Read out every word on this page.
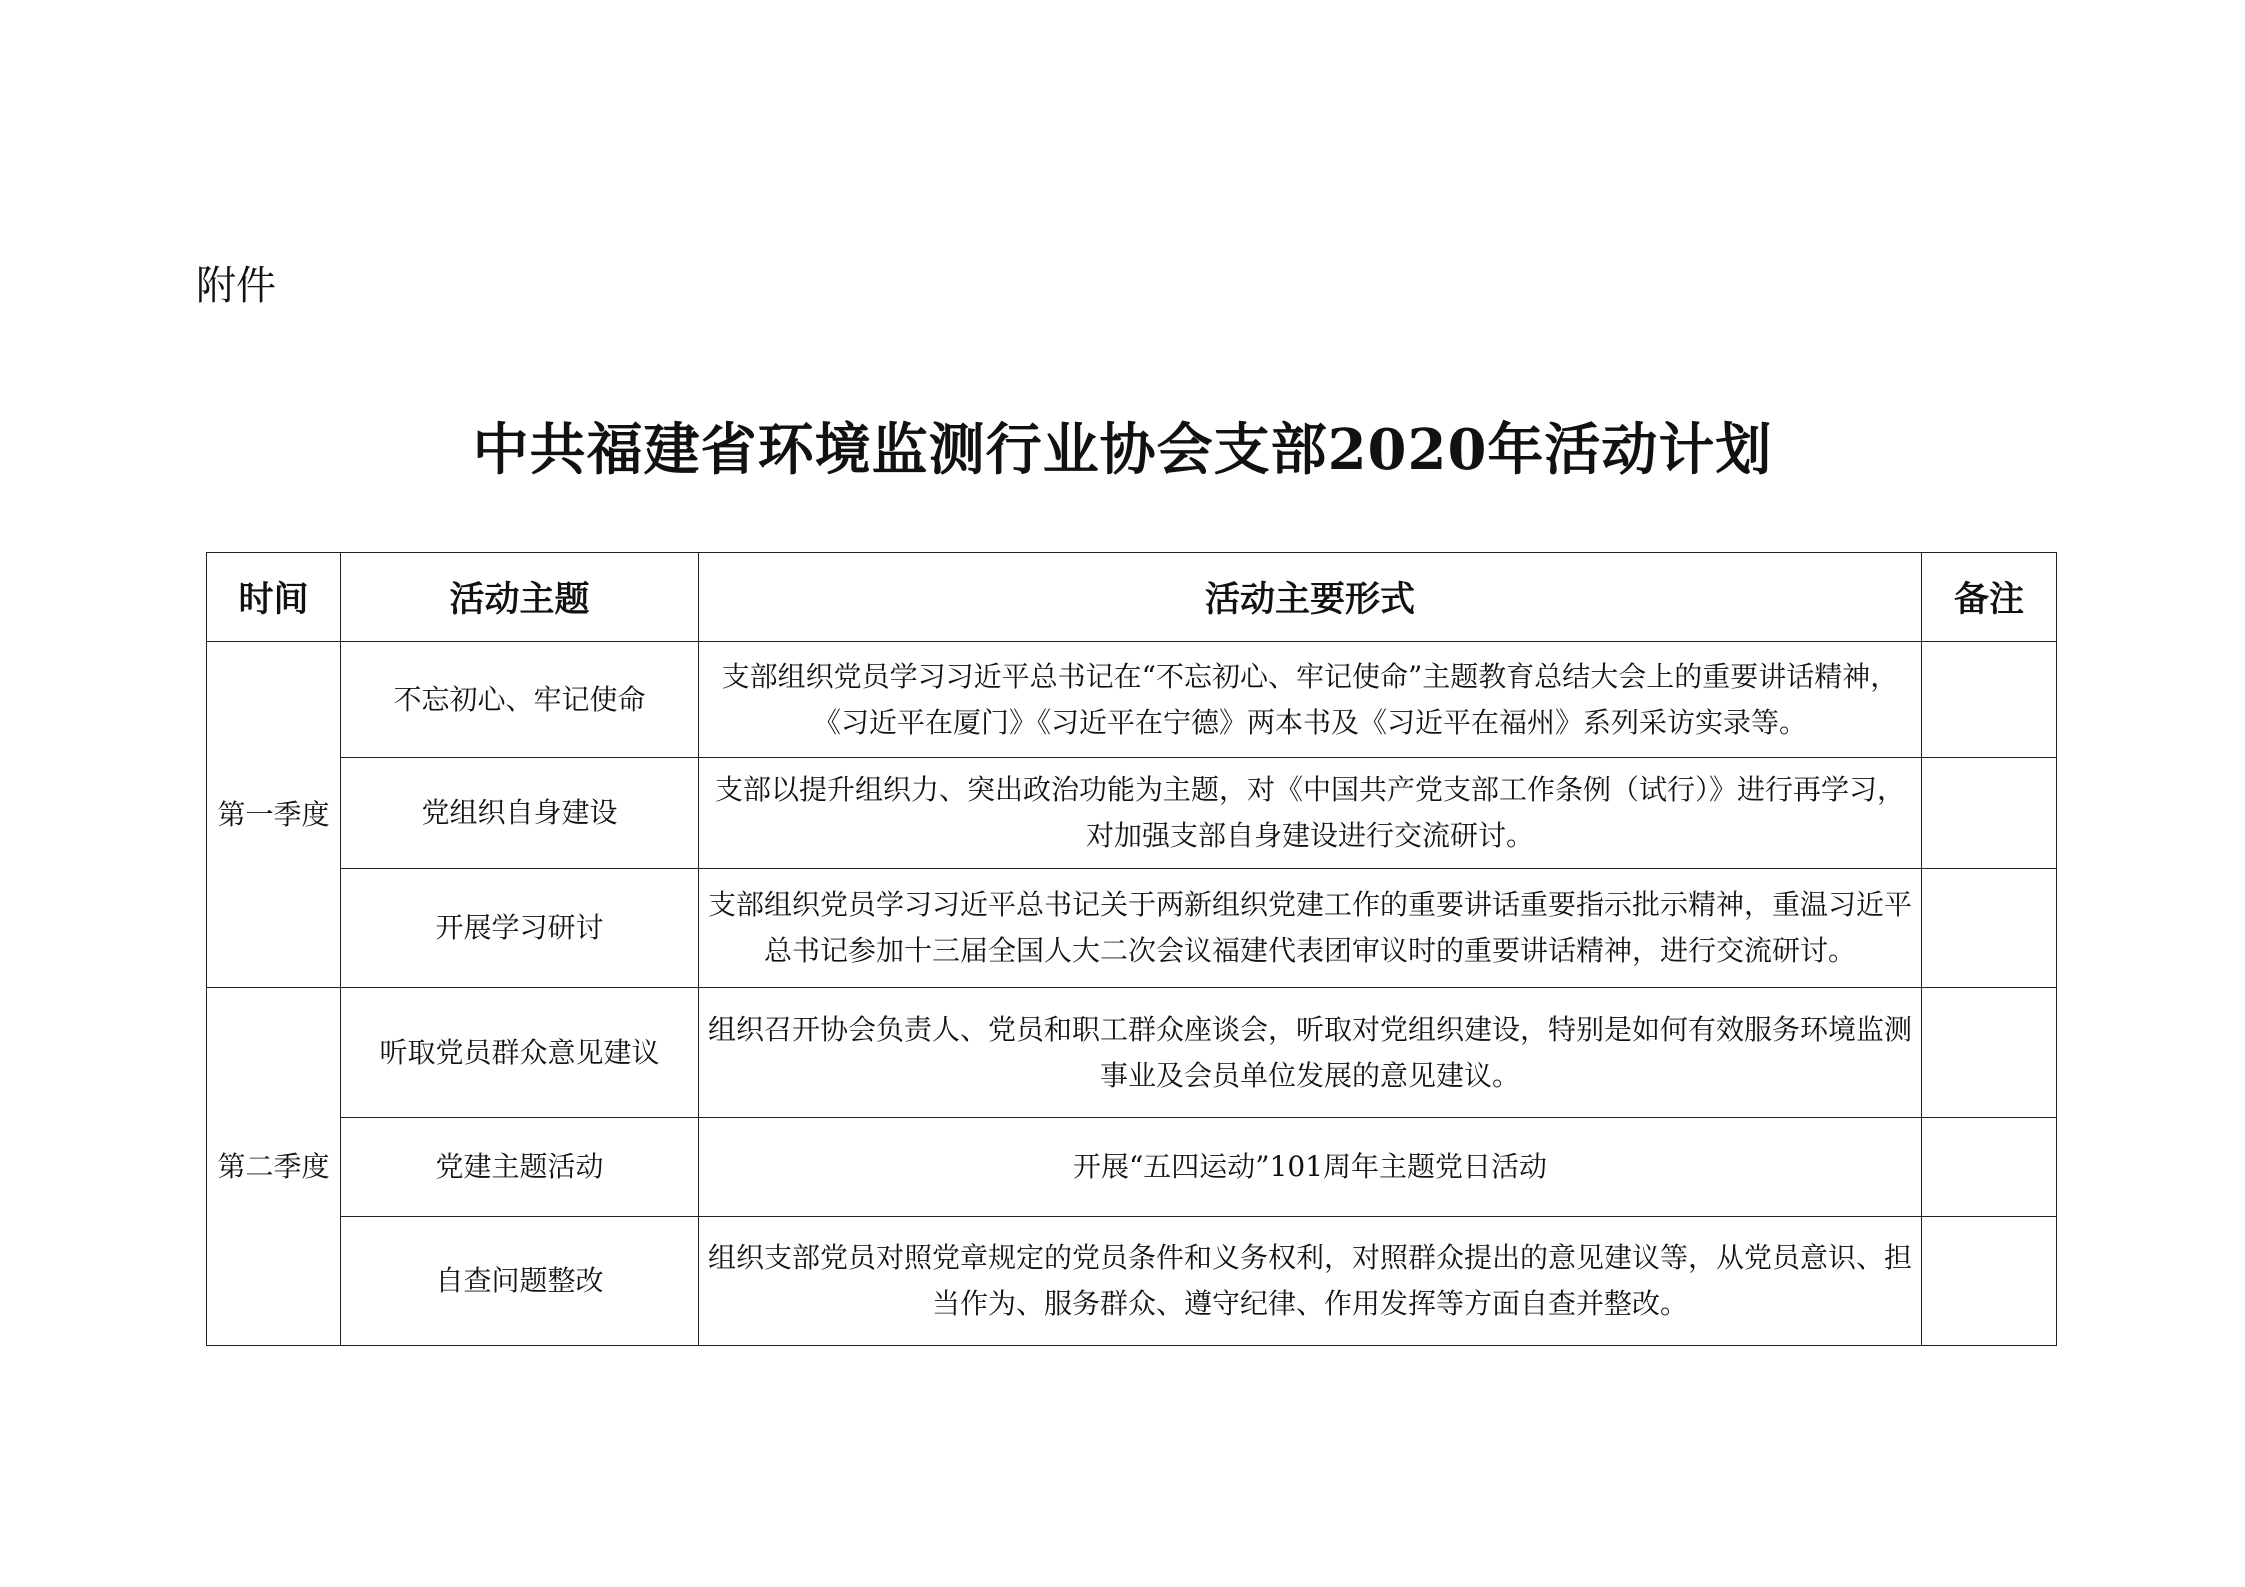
附件
中共福建省环境监测行业协会支部2020年活动计划
时间	活动主题	活动主要形式	备注
第一季度	不忘初心、牢记使命	支部组织党员学习习近平总书记在“不忘初心、牢记使命”主题教育总结大会上的重要讲话精神，《习近平在厦门》《习近平在宁德》两本书及《习近平在福州》系列采访实录等。	
	党组织自身建设	支部以提升组织力、突出政治功能为主题，对《中国共产党支部工作条例（试行）》进行再学习，对加强支部自身建设进行交流研讨。	
	开展学习研讨	支部组织党员学习习近平总书记关于两新组织党建工作的重要讲话重要指示批示精神，重温习近平总书记参加十三届全国人大二次会议福建代表团审议时的重要讲话精神，进行交流研讨。	
第二季度	听取党员群众意见建议	组织召开协会负责人、党员和职工群众座谈会，听取对党组织建设，特别是如何有效服务环境监测事业及会员单位发展的意见建议。	
	党建主题活动	开展“五四运动”101周年主题党日活动	
	自查问题整改	组织支部党员对照党章规定的党员条件和义务权利，对照群众提出的意见建议等，从党员意识、担当作为、服务群众、遵守纪律、作用发挥等方面自查并整改。	
